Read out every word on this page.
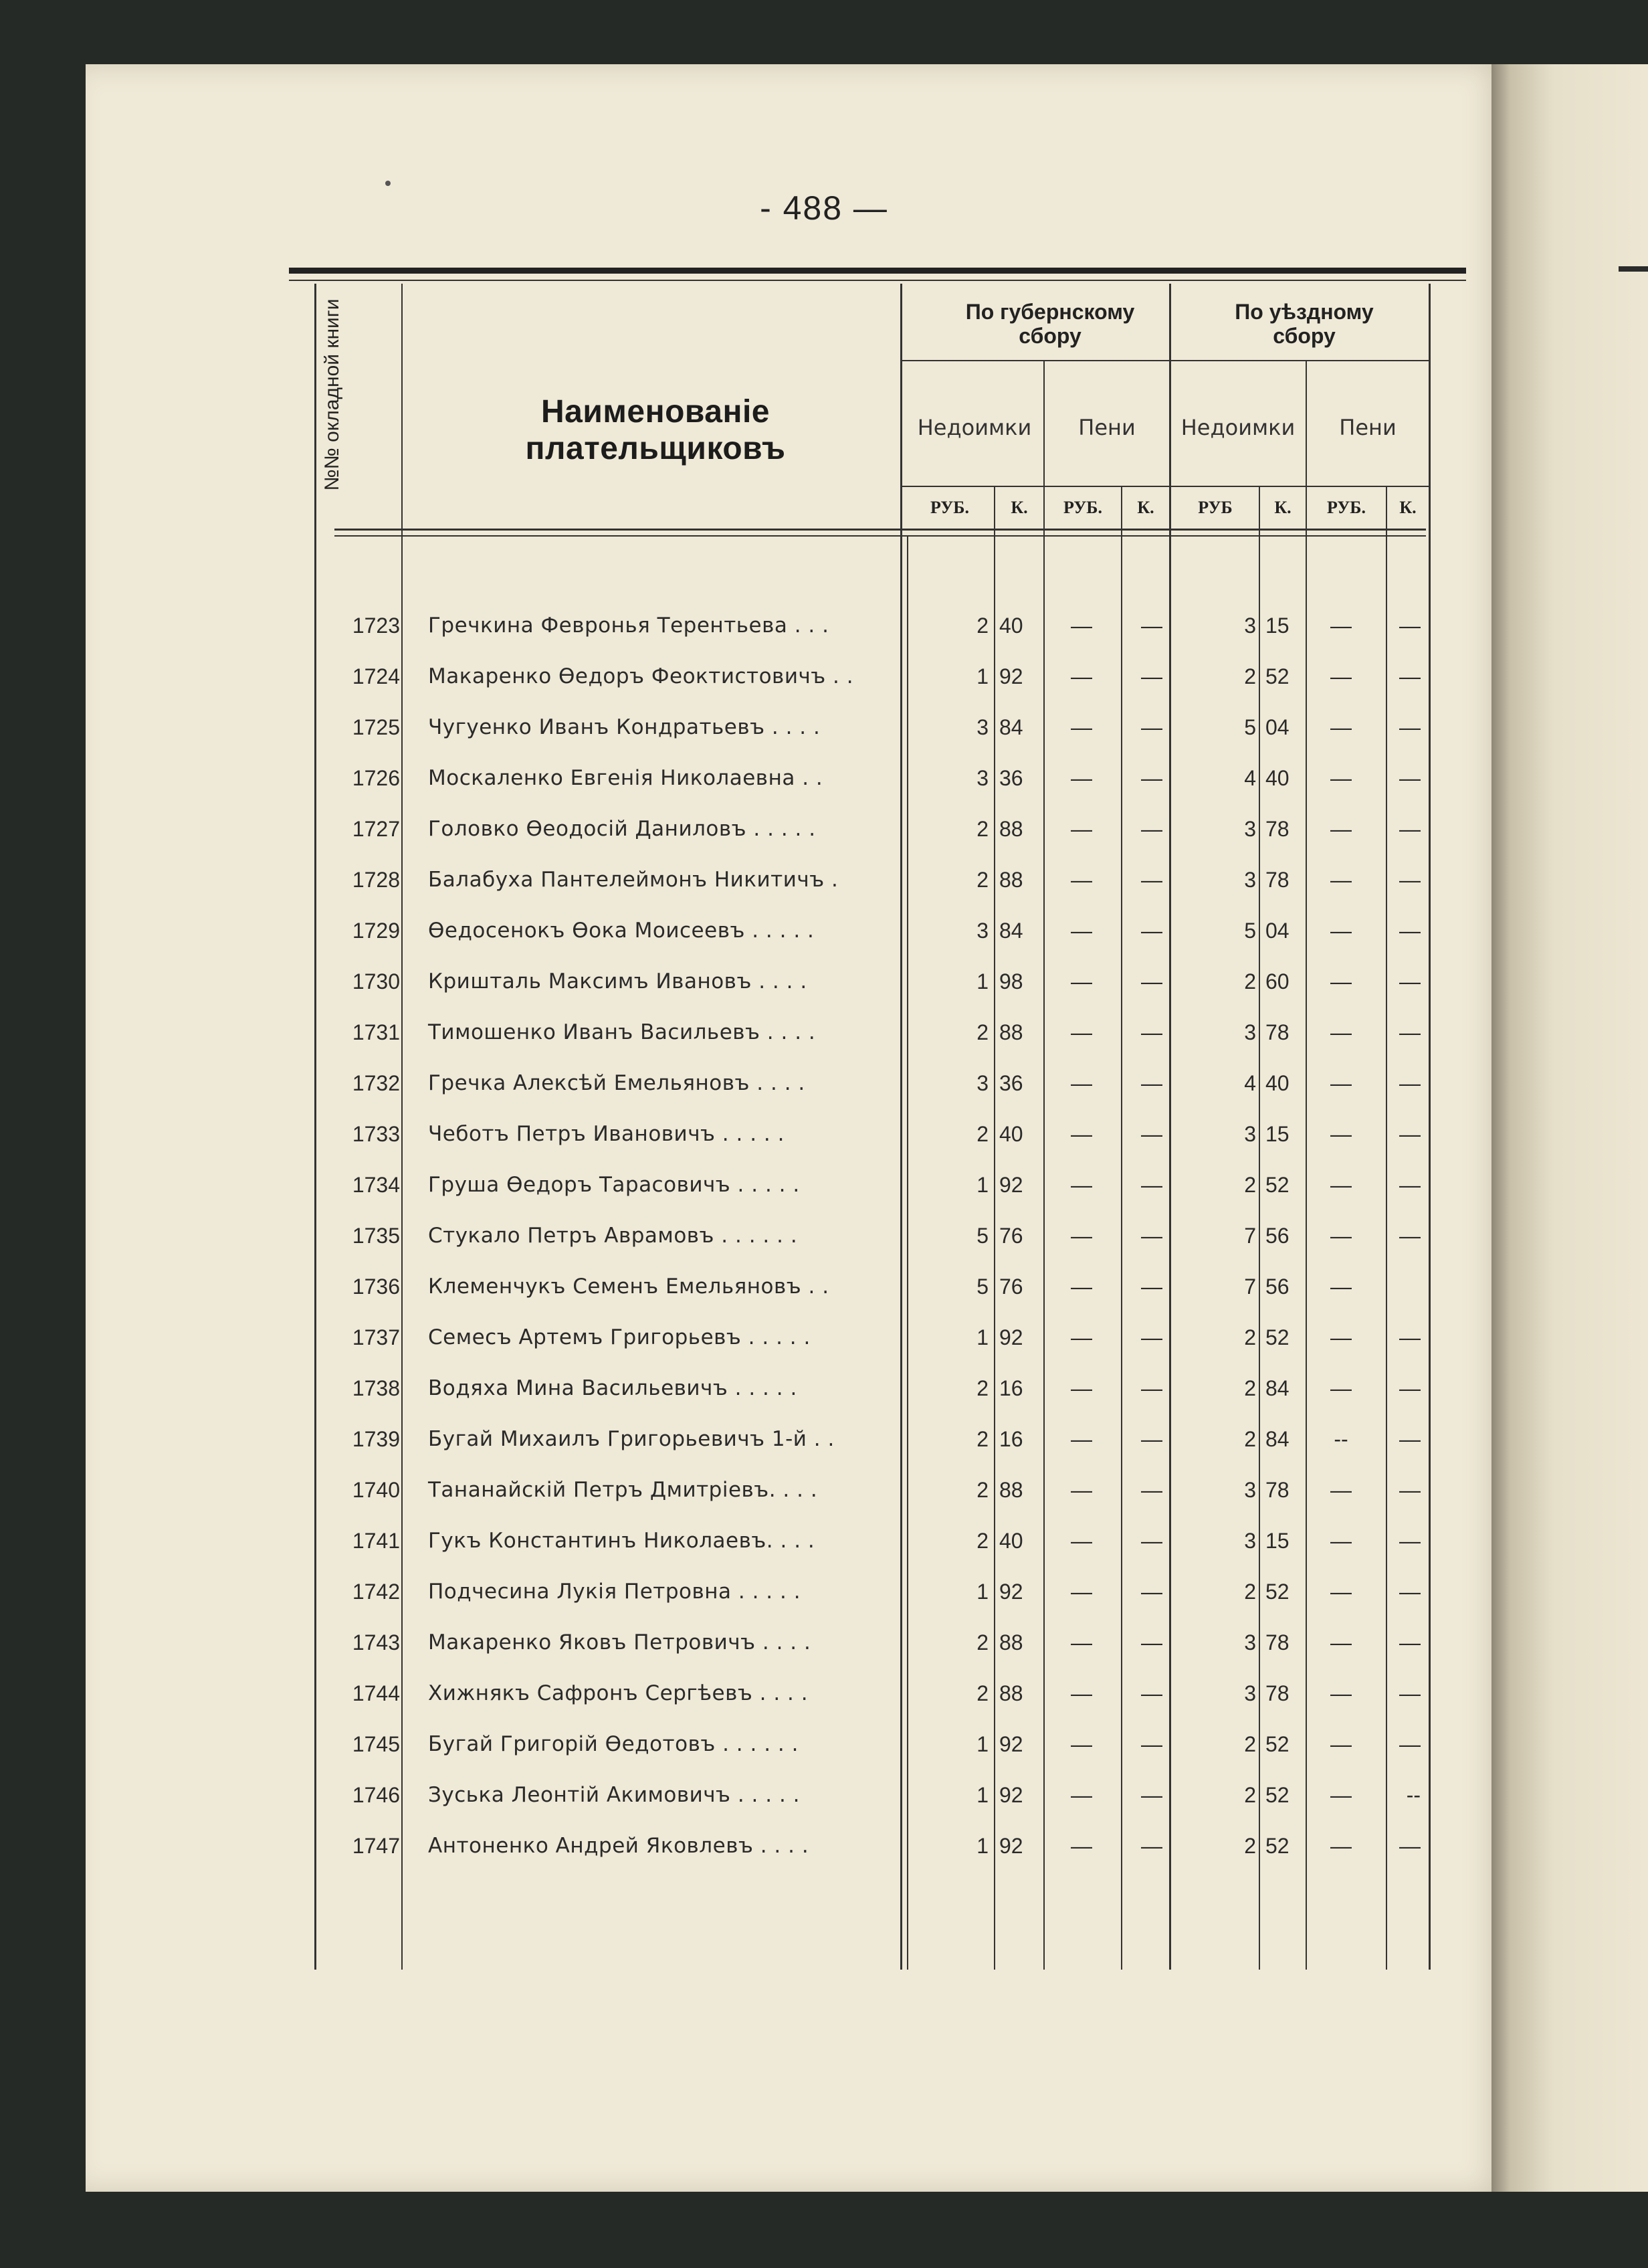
- 488 —
№№ окладной книги	Наименованіе плательщиковъ
По губернскому сбору
По уѣздному сбору
Недоимки	Пени	Недоимки	Пени
РУБ.	К.	РУБ.	К.	РУБ	К.	РУБ.	К.
1723 Гречкина Февронья Терентьева . . .	2 40	—	—	3 15	—	—
1724 Макаренко Ѳедоръ Феоктистовичъ . .	1 92	—	—	2 52	—	—
1725 Чугуенко Иванъ Кондратьевъ . . . .	3 84	—	—	5 04	—	—
1726 Москаленко Евгенія Николаевна . .	3 36	—	—	4 40	—	—
1727 Головко Ѳеодосій Даниловъ . . . . .	2 88	—	—	3 78	—	—
1728 Балабуха Пантелеймонъ Никитичъ .	2 88	—	—	3 78	—	—
1729 Ѳедосенокъ Ѳока Моисеевъ . . . . .	3 84	—	—	5 04	—	—
1730 Кришталь Максимъ Ивановъ . . . .	1 98	—	—	2 60	—	—
1731 Тимошенко Иванъ Васильевъ . . . .	2 88	—	—	3 78	—	—
1732 Гречка Алексѣй Емельяновъ . . . .	3 36	—	—	4 40	—	—
1733 Чеботъ Петръ Ивановичъ . . . . .	2 40	—	—	3 15	—	—
1734 Груша Ѳедоръ Тарасовичъ . . . . .	1 92	—	—	2 52	—	—
1735 Стукало Петръ Аврамовъ . . . . . .	5 76	—	—	7 56	—	—
1736 Клеменчукъ Семенъ Емельяновъ . .	5 76	—	—	7 56	—
1737 Семесъ Артемъ Григорьевъ . . . . .	1 92	—	—	2 52	—	—
1738 Водяха Мина Васильевичъ . . . . .	2 16	—	—	2 84	—	—
1739 Бугай Михаилъ Григорьевичъ 1-й . .	2 16	—	—	2 84	--	—
1740 Тананайскій Петръ Дмитріевъ. . . .	2 88	—	—	3 78	—	—
1741 Гукъ Константинъ Николаевъ. . . .	2 40	—	—	3 15	—	—
1742 Подчесина Лукія Петровна . . . . .	1 92	—	—	2 52	—	—
1743 Макаренко Яковъ Петровичъ . . . .	2 88	—	—	3 78	—	—
1744 Хижнякъ Сафронъ Сергѣевъ . . . .	2 88	—	—	3 78	—	—
1745 Бугай Григорій Ѳедотовъ . . . . . .	1 92	—	—	2 52	—	—
1746 Зуська Леонтій Акимовичъ . . . . .	1 92	—	—	2 52	—	--
1747 Антоненко Андрей Яковлевъ . . . .	1 92	—	—	2 52	—	—
